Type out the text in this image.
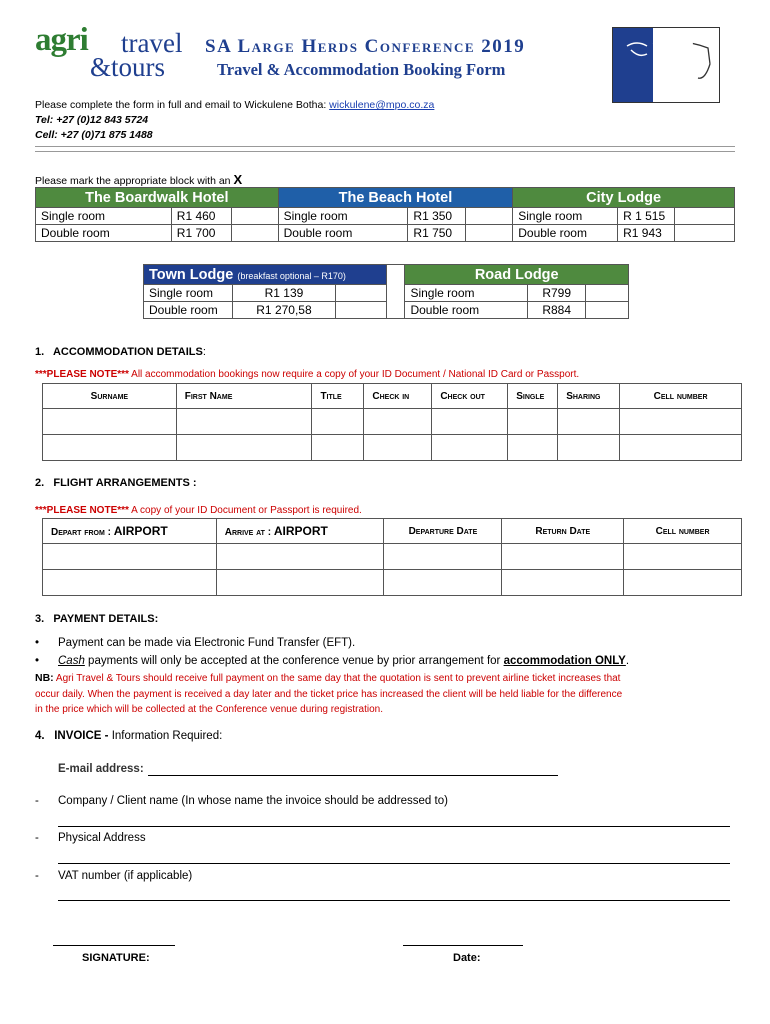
agri travel
&tours
SA Large Herds Conference 2019
Travel & Accommodation Booking Form
Please complete the form in full and email to Wickulene Botha: wickulene@mpo.co.za
Tel: +27 (0)12 843 5724
Cell: +27 (0)71 875 1488
Please mark the appropriate block with an X
The Boardwalk Hotel			The Beach Hotel			City Lodge		
Single room	R1 460		Single room	R1 350		Single room	R 1 515	
Double room	R1 700		Double room	R1 750		Double room	R1 943	
Town Lodge (breakfast optional – R170)				Road Lodge		
Single room	R1 139			Single room	R799	
Double room	R1 270,58			Double room	R884	
1. ACCOMMODATION DETAILS:
***PLEASE NOTE*** All accommodation bookings now require a copy of your ID Document / National ID Card or Passport.
Surname	First Name	Title	Check in	Check out	Single	Sharing	Cell number

2. FLIGHT ARRANGEMENTS :
***PLEASE NOTE*** A copy of your ID Document or Passport is required.
Depart from : AIRPORT	Arrive at : AIRPORT	Departure Date	Return Date	Cell number

3. PAYMENT DETAILS:
• Payment can be made via Electronic Fund Transfer (EFT).
• Cash payments will only be accepted at the conference venue by prior arrangement for accommodation ONLY.
NB: Agri Travel & Tours should receive full payment on the same day that the quotation is sent to prevent airline ticket increases that
occur daily. When the payment is received a day later and the ticket price has increased the client will be held liable for the difference
in the price which will be collected at the Conference venue during registration.
4. INVOICE - Information Required:
E-mail address:
- Company / Client name (In whose name the invoice should be addressed to)
- Physical Address
- VAT number (if applicable)
SIGNATURE:	Date:
